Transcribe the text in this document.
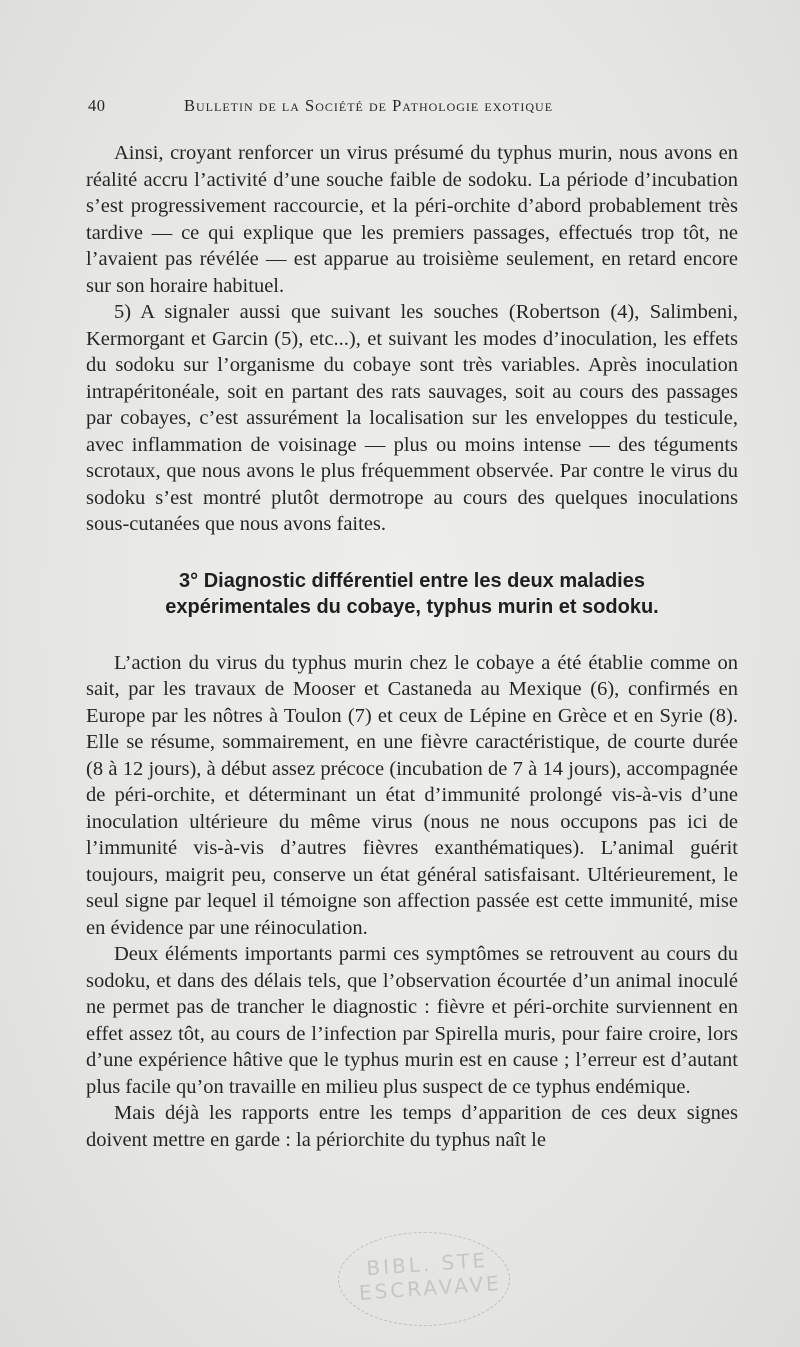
40	Bulletin de la Société de Pathologie exotique

Ainsi, croyant renforcer un virus présumé du typhus murin, nous avons en réalité accru l’activité d’une souche faible de sodoku. La période d’incubation s’est progressivement raccourcie, et la péri-orchite d’abord probablement très tardive — ce qui explique que les premiers passages, effectués trop tôt, ne l’avaient pas révélée — est apparue au troisième seulement, en retard encore sur son horaire habituel.

5) A signaler aussi que suivant les souches (Robertson (4), Salimbeni, Kermorgant et Garcin (5), etc...), et suivant les modes d’inoculation, les effets du sodoku sur l’organisme du cobaye sont très variables. Après inoculation intrapéritonéale, soit en partant des rats sauvages, soit au cours des passages par cobayes, c’est assurément la localisation sur les enveloppes du testicule, avec inflammation de voisinage — plus ou moins intense — des téguments scrotaux, que nous avons le plus fréquemment observée. Par contre le virus du sodoku s’est montré plutôt dermotrope au cours des quelques inoculations sous-cutanées que nous avons faites.

3° Diagnostic différentiel entre les deux maladies
expérimentales du cobaye, typhus murin et sodoku.

L’action du virus du typhus murin chez le cobaye a été établie comme on sait, par les travaux de Mooser et Castaneda au Mexique (6), confirmés en Europe par les nôtres à Toulon (7) et ceux de Lépine en Grèce et en Syrie (8). Elle se résume, sommairement, en une fièvre caractéristique, de courte durée (8 à 12 jours), à début assez précoce (incubation de 7 à 14 jours), accompagnée de péri-orchite, et déterminant un état d’immunité prolongé vis-à-vis d’une inoculation ultérieure du même virus (nous ne nous occupons pas ici de l’immunité vis-à-vis d’autres fièvres exanthématiques). L’animal guérit toujours, maigrit peu, conserve un état général satisfaisant. Ultérieurement, le seul signe par lequel il témoigne son affection passée est cette immunité, mise en évidence par une réinoculation.

Deux éléments importants parmi ces symptômes se retrouvent au cours du sodoku, et dans des délais tels, que l’observation écourtée d’un animal inoculé ne permet pas de trancher le diagnostic : fièvre et péri-orchite surviennent en effet assez tôt, au cours de l’infection par Spirella muris, pour faire croire, lors d’une expérience hâtive que le typhus murin est en cause ; l’erreur est d’autant plus facile qu’on travaille en milieu plus suspect de ce typhus endémique.

Mais déjà les rapports entre les temps d’apparition de ces deux signes doivent mettre en garde : la périorchite du typhus naît le

BIBL. STE ESCRAVAVE
